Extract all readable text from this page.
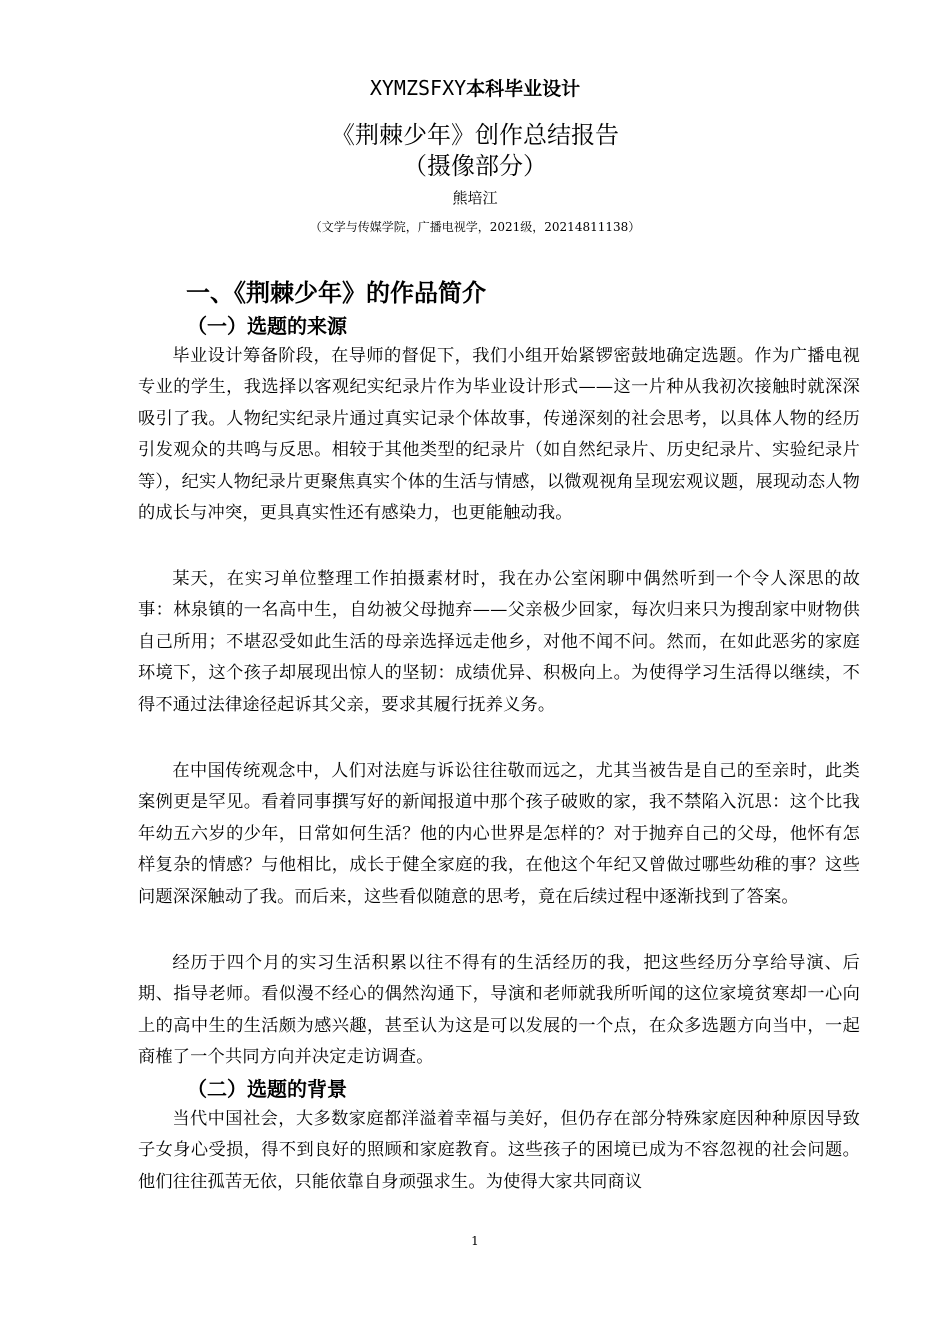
XYMZSFXY本科毕业设计
《荆棘少年》创作总结报告
（摄像部分）
熊培江
（文学与传媒学院，广播电视学，2021级，20214811138）
一、《荆棘少年》的作品简介
（一）选题的来源

毕业设计筹备阶段，在导师的督促下，我们小组开始紧锣密鼓地确定选题。作为广播电视专业的学生，我选择以客观纪实纪录片作为毕业设计形式——这一片种从我初次接触时就深深吸引了我。人物纪实纪录片通过真实记录个体故事，传递深刻的社会思考，以具体人物的经历引发观众的共鸣与反思。相较于其他类型的纪录片（如自然纪录片、历史纪录片、实验纪录片等），纪实人物纪录片更聚焦真实个体的生活与情感，以微观视角呈现宏观议题，展现动态人物的成长与冲突，更具真实性还有感染力，也更能触动我。

某天，在实习单位整理工作拍摄素材时，我在办公室闲聊中偶然听到一个令人深思的故事：林泉镇的一名高中生，自幼被父母抛弃——父亲极少回家，每次归来只为搜刮家中财物供自己所用；不堪忍受如此生活的母亲选择远走他乡，对他不闻不问。然而，在如此恶劣的家庭环境下，这个孩子却展现出惊人的坚韧：成绩优异、积极向上。为使得学习生活得以继续，不得不通过法律途径起诉其父亲，要求其履行抚养义务。

在中国传统观念中，人们对法庭与诉讼往往敬而远之，尤其当被告是自己的至亲时，此类案例更是罕见。看着同事撰写好的新闻报道中那个孩子破败的家，我不禁陷入沉思：这个比我年幼五六岁的少年，日常如何生活？他的内心世界是怎样的？对于抛弃自己的父母，他怀有怎样复杂的情感？与他相比，成长于健全家庭的我，在他这个年纪又曾做过哪些幼稚的事？这些问题深深触动了我。而后来，这些看似随意的思考，竟在后续过程中逐渐找到了答案。

经历于四个月的实习生活积累以往不得有的生活经历的我，把这些经历分享给导演、后期、指导老师。看似漫不经心的偶然沟通下，导演和老师就我所听闻的这位家境贫寒却一心向上的高中生的生活颇为感兴趣，甚至认为这是可以发展的一个点，在众多选题方向当中，一起商榷了一个共同方向并决定走访调查。

（二）选题的背景

当代中国社会，大多数家庭都洋溢着幸福与美好，但仍存在部分特殊家庭因种种原因导致子女身心受损，得不到良好的照顾和家庭教育。这些孩子的困境已成为不容忽视的社会问题。他们往往孤苦无依，只能依靠自身顽强求生。为使得大家共同商议

1
